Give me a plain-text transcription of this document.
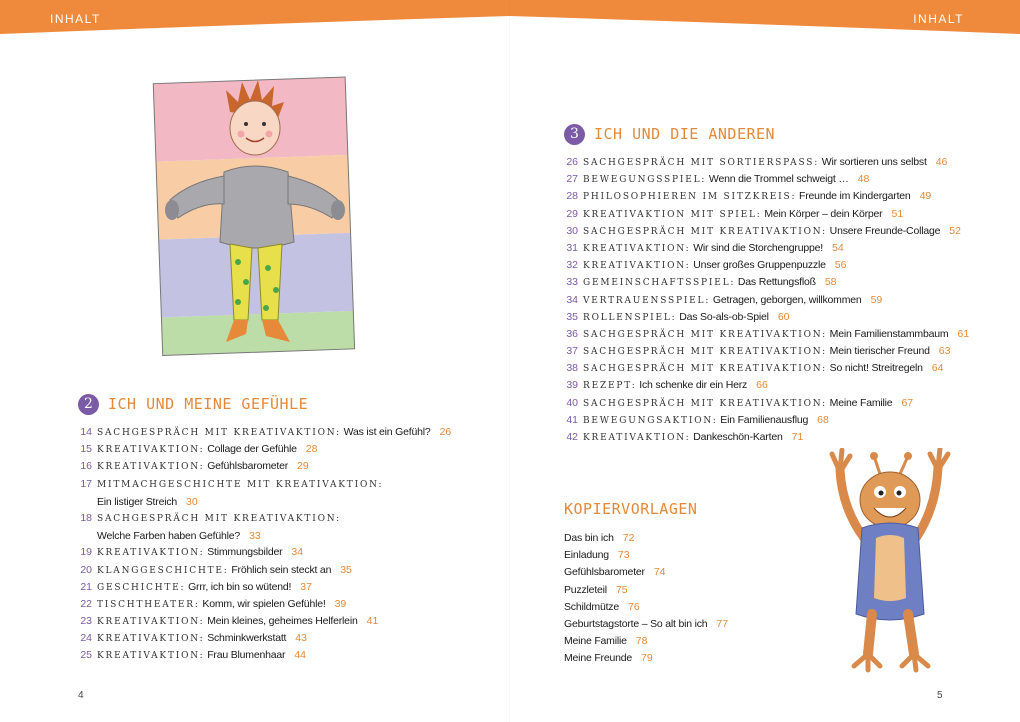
INHALT	INHALT
2	ICH UND MEINE GEFÜHLE
14 SACHGESPRÄCH MIT KREATIVAKTION: Was ist ein Gefühl? 26
15 KREATIVAKTION: Collage der Gefühle 28
16 KREATIVAKTION: Gefühlsbarometer 29
17 MITMACHGESCHICHTE MIT KREATIVAKTION:
Ein listiger Streich 30
18 SACHGESPRÄCH MIT KREATIVAKTION:
Welche Farben haben Gefühle? 33
19 KREATIVAKTION: Stimmungsbilder 34
20 KLANGGESCHICHTE: Fröhlich sein steckt an 35
21 GESCHICHTE: Grrr, ich bin so wütend! 37
22 TISCHTHEATER: Komm, wir spielen Gefühle! 39
23 KREATIVAKTION: Mein kleines, geheimes Helferlein 41
24 KREATIVAKTION: Schminkwerkstatt 43
25 KREATIVAKTION: Frau Blumenhaar 44
3	ICH UND DIE ANDEREN
26 SACHGESPRÄCH MIT SORTIERSPASS: Wir sortieren uns selbst 46
27 BEWEGUNGSSPIEL: Wenn die Trommel schweigt … 48
28 PHILOSOPHIEREN IM SITZKREIS: Freunde im Kindergarten 49
29 KREATIVAKTION MIT SPIEL: Mein Körper – dein Körper 51
30 SACHGESPRÄCH MIT KREATIVAKTION: Unsere Freunde-Collage 52
31 KREATIVAKTION: Wir sind die Storchengruppe! 54
32 KREATIVAKTION: Unser großes Gruppenpuzzle 56
33 GEMEINSCHAFTSSPIEL: Das Rettungsfloß 58
34 VERTRAUENSSPIEL: Getragen, geborgen, willkommen 59
35 ROLLENSPIEL: Das So-als-ob-Spiel 60
36 SACHGESPRÄCH MIT KREATIVAKTION: Mein Familienstammbaum 61
37 SACHGESPRÄCH MIT KREATIVAKTION: Mein tierischer Freund 63
38 SACHGESPRÄCH MIT KREATIVAKTION: So nicht! Streitregeln 64
39 REZEPT: Ich schenke dir ein Herz 66
40 SACHGESPRÄCH MIT KREATIVAKTION: Meine Familie 67
41 BEWEGUNGSAKTION: Ein Familienausflug 68
42 KREATIVAKTION: Dankeschön-Karten 71
KOPIERVORLAGEN
Das bin ich 72
Einladung 73
Gefühlsbarometer 74
Puzzleteil 75
Schildmütze 76
Geburtstagstorte – So alt bin ich 77
Meine Familie 78
Meine Freunde 79
4	5
